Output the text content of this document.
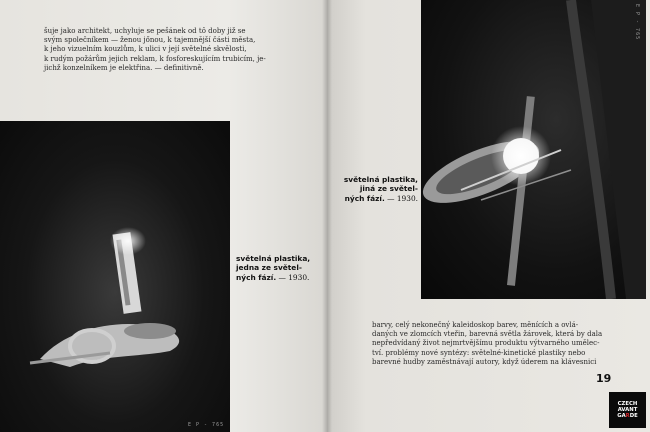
šuje jako architekt, uchyluje se pešánek od tô doby již se
svým společníkem — ženou jőnou, k tajemnější části města,
k jeho vizuelním kouzlům, k ulici v její světelné skvělosti,
k rudým požárům jejich reklam, k fosforeskujícím trubicím, je-
jichž konzelníkem je elektřina. — definitivně.

E P - 765
světelná plastika,
jedna ze světel-
ných fází. — 1930.
E P - 765
světelná plastika,
jiná ze světel-
ných fází. — 1930.

barvy, celý nekonečný kaleidoskop barev, měnících a ovlá-
daných ve zlomcích vteřin, barevná světla žárovek, která by dala
nepředvídaný život nejmrtvějšímu produktu výtvarného umělec-
tví. problémy nové syntézy: světelné-kinetické plastiky nebo
barevné hudby zaměstnávají autory, když úderem na klávesnici

19
CZECH
AVANT
GARDE
